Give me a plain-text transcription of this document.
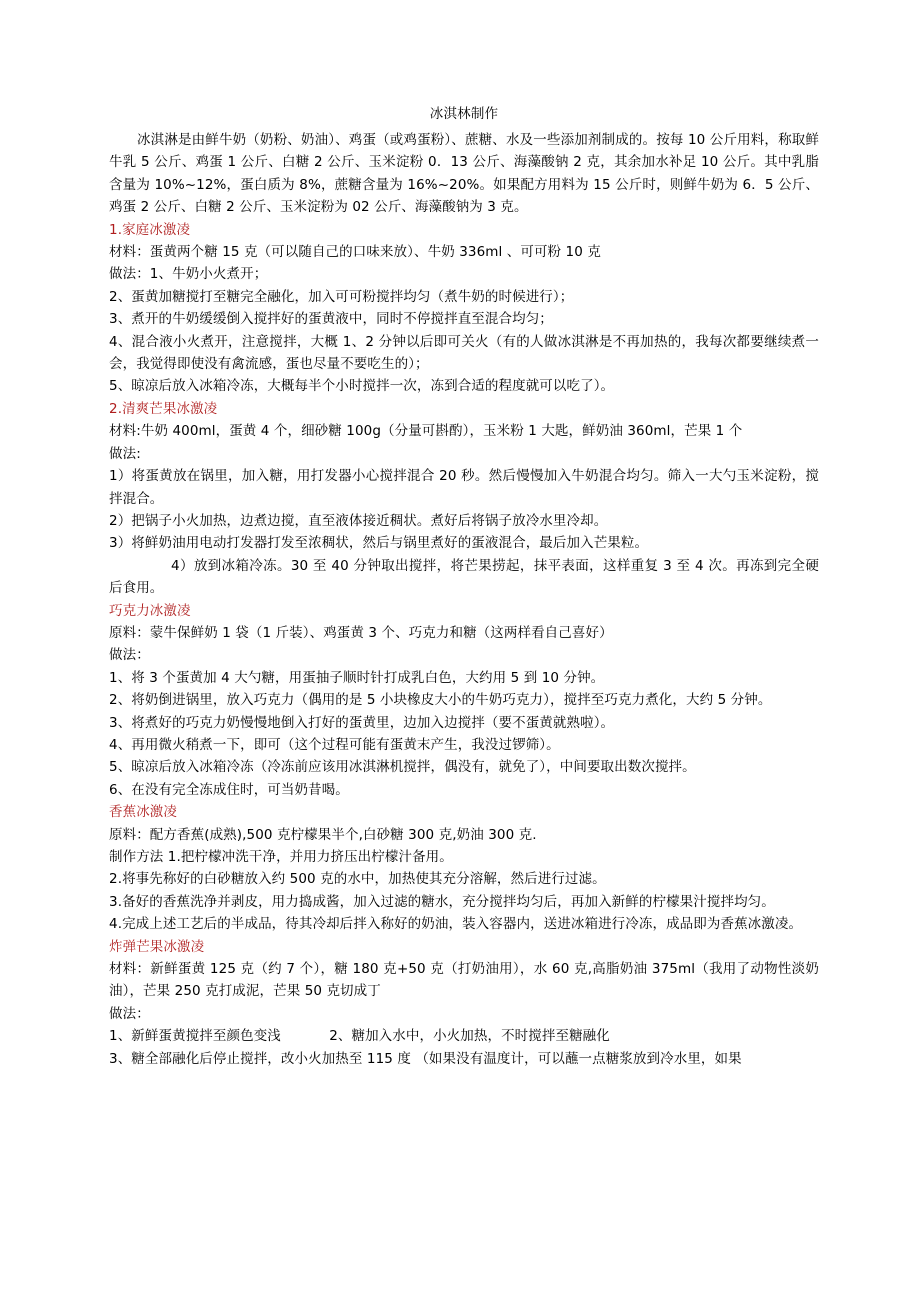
冰淇林制作

冰淇淋是由鲜牛奶（奶粉、奶油）、鸡蛋（或鸡蛋粉）、蔗糖、水及一些添加剂制成的。按每 10 公斤用料，称取鲜牛乳 5 公斤、鸡蛋 1 公斤、白糖 2 公斤、玉米淀粉 0．13 公斤、海藻酸钠 2 克，其余加水补足 10 公斤。其中乳脂含量为 10%~12%，蛋白质为 8%，蔗糖含量为 16%~20%。如果配方用料为 15 公斤时，则鲜牛奶为 6．5 公斤、鸡蛋 2 公斤、白糖 2 公斤、玉米淀粉为 02 公斤、海藻酸钠为 3 克。

1.家庭冰激凌
材料：蛋黄两个糖 15 克（可以随自己的口味来放）、牛奶 336ml 、可可粉 10 克
做法：1、牛奶小火煮开；
2、蛋黄加糖搅打至糖完全融化，加入可可粉搅拌均匀（煮牛奶的时候进行）；
3、煮开的牛奶缓缓倒入搅拌好的蛋黄液中，同时不停搅拌直至混合均匀；
4、混合液小火煮开，注意搅拌，大概 1、2 分钟以后即可关火（有的人做冰淇淋是不再加热的，我每次都要继续煮一会，我觉得即使没有禽流感，蛋也尽量不要吃生的）；
5、晾凉后放入冰箱冷冻，大概每半个小时搅拌一次，冻到合适的程度就可以吃了）。
2.清爽芒果冰激凌
材料:牛奶 400ml，蛋黄 4 个，细砂糖 100g（分量可斟酌），玉米粉 1 大匙，鲜奶油 360ml，芒果 1 个
做法:
1）将蛋黄放在锅里，加入糖，用打发器小心搅拌混合 20 秒。然后慢慢加入牛奶混合均匀。筛入一大勺玉米淀粉，搅拌混合。
2）把锅子小火加热，边煮边搅，直至液体接近稠状。煮好后将锅子放冷水里冷却。
3）将鲜奶油用电动打发器打发至浓稠状，然后与锅里煮好的蛋液混合，最后加入芒果粒。
4）放到冰箱冷冻。30 至 40 分钟取出搅拌，将芒果捞起，抹平表面，这样重复 3 至 4 次。再冻到完全硬后食用。
巧克力冰激凌
原料：蒙牛保鲜奶 1 袋（1 斤装）、鸡蛋黄 3 个、巧克力和糖（这两样看自己喜好）
做法：
1、将 3 个蛋黄加 4 大勺糖，用蛋抽子顺时针打成乳白色，大约用 5 到 10 分钟。
2、将奶倒进锅里，放入巧克力（偶用的是 5 小块橡皮大小的牛奶巧克力），搅拌至巧克力煮化，大约 5 分钟。
3、将煮好的巧克力奶慢慢地倒入打好的蛋黄里，边加入边搅拌（要不蛋黄就熟啦）。
4、再用微火稍煮一下，即可（这个过程可能有蛋黄末产生，我没过锣筛）。
5、晾凉后放入冰箱冷冻（冷冻前应该用冰淇淋机搅拌，偶没有，就免了），中间要取出数次搅拌。
6、在没有完全冻成住时，可当奶昔喝。
香蕉冰激凌
原料：配方香蕉(成熟),500 克柠檬果半个,白砂糖 300 克,奶油 300 克.
制作方法 1.把柠檬冲洗干净，并用力挤压出柠檬汁备用。
2.将事先称好的白砂糖放入约 500 克的水中，加热使其充分溶解，然后进行过滤。
3.备好的香蕉洗净并剥皮，用力捣成酱，加入过滤的糖水，充分搅拌均匀后，再加入新鲜的柠檬果汁搅拌均匀。
4.完成上述工艺后的半成品，待其冷却后拌入称好的奶油，装入容器内，送进冰箱进行冷冻，成品即为香蕉冰激凌。
炸弹芒果冰激凌
材料：新鲜蛋黄 125 克（约 7 个），糖 180 克+50 克（打奶油用），水 60 克,高脂奶油 375ml（我用了动物性淡奶油），芒果 250 克打成泥，芒果 50 克切成丁
做法：
1、新鲜蛋黄搅拌至颜色变浅           2、糖加入水中，小火加热，不时搅拌至糖融化
3、糖全部融化后停止搅拌，改小火加热至 115 度 （如果没有温度计，可以蘸一点糖浆放到冷水里，如果
